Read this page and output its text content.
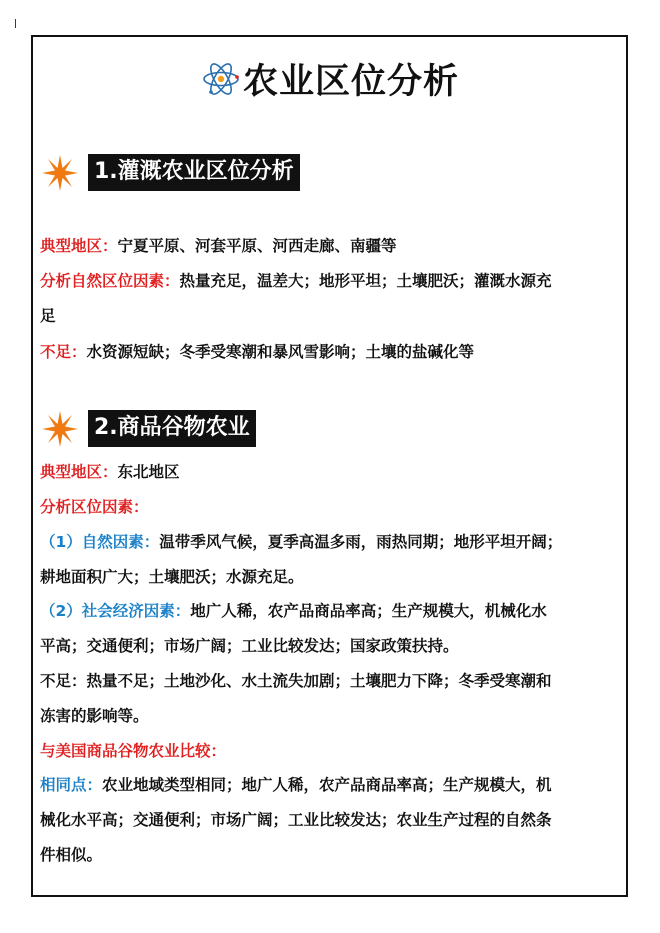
ꟾ
农业区位分析
1.灌溉农业区位分析
典型地区：宁夏平原、河套平原、河西走廊、南疆等
分析自然区位因素：热量充足，温差大；地形平坦；土壤肥沃；灌溉水源充
足
不足：水资源短缺；冬季受寒潮和暴风雪影响；土壤的盐碱化等
2.商品谷物农业
典型地区：东北地区
分析区位因素：
（1）自然因素：温带季风气候，夏季高温多雨，雨热同期；地形平坦开阔；
耕地面积广大；土壤肥沃；水源充足。
（2）社会经济因素：地广人稀，农产品商品率高；生产规模大，机械化水
平高；交通便利；市场广阔；工业比较发达；国家政策扶持。
不足：热量不足；土地沙化、水土流失加剧；土壤肥力下降；冬季受寒潮和
冻害的影响等。
与美国商品谷物农业比较：
相同点：农业地域类型相同；地广人稀，农产品商品率高；生产规模大，机
械化水平高；交通便利；市场广阔；工业比较发达；农业生产过程的自然条
件相似。
